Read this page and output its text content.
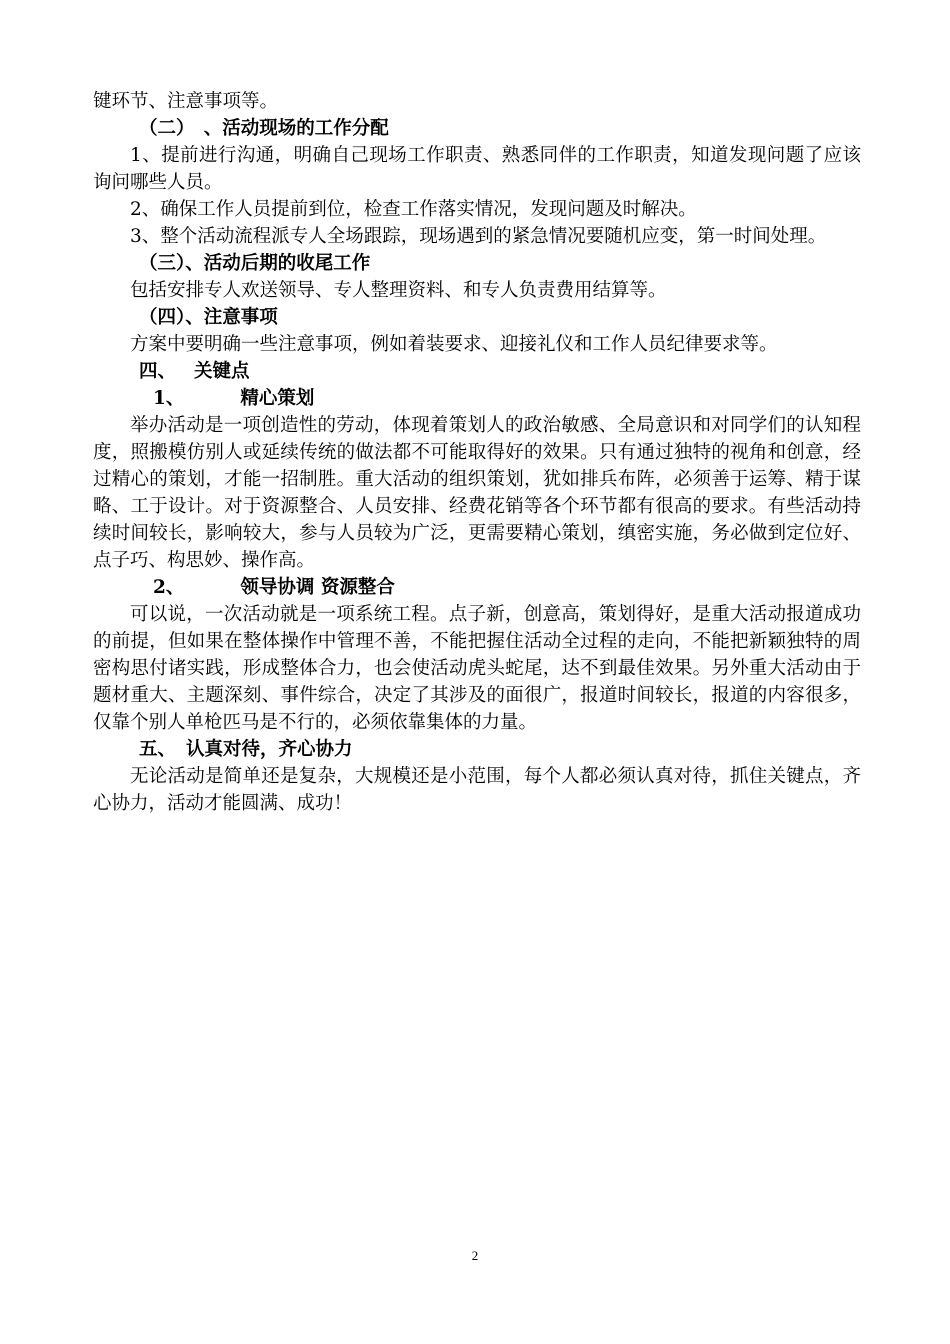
键环节、注意事项等。

（二）　、活动现场的工作分配

1、提前进行沟通，明确自己现场工作职责、熟悉同伴的工作职责，知道发现问题了应该询问哪些人员。

2、确保工作人员提前到位，检查工作落实情况，发现问题及时解决。

3、整个活动流程派专人全场跟踪，现场遇到的紧急情况要随机应变，第一时间处理。

（三）、活动后期的收尾工作

包括安排专人欢送领导、专人整理资料、和专人负责费用结算等。

（四）、注意事项

方案中要明确一些注意事项，例如着装要求、迎接礼仪和工作人员纪律要求等。

四、 关键点

1、	精心策划

举办活动是一项创造性的劳动，体现着策划人的政治敏感、全局意识和对同学们的认知程度，照搬模仿别人或延续传统的做法都不可能取得好的效果。只有通过独特的视角和创意，经过精心的策划，才能一招制胜。重大活动的组织策划，犹如排兵布阵，必须善于运筹、精于谋略、工于设计。对于资源整合、人员安排、经费花销等各个环节都有很高的要求。有些活动持续时间较长，影响较大，参与人员较为广泛，更需要精心策划，缜密实施，务必做到定位好、点子巧、构思妙、操作高。

2、	领导协调 资源整合

可以说，一次活动就是一项系统工程。点子新，创意高，策划得好，是重大活动报道成功的前提，但如果在整体操作中管理不善，不能把握住活动全过程的走向，不能把新颖独特的周密构思付诸实践，形成整体合力，也会使活动虎头蛇尾，达不到最佳效果。另外重大活动由于题材重大、主题深刻、事件综合，决定了其涉及的面很广，报道时间较长，报道的内容很多，仅靠个别人单枪匹马是不行的，必须依靠集体的力量。

五、 认真对待，齐心协力

无论活动是简单还是复杂，大规模还是小范围，每个人都必须认真对待，抓住关键点，齐心协力，活动才能圆满、成功！

2
